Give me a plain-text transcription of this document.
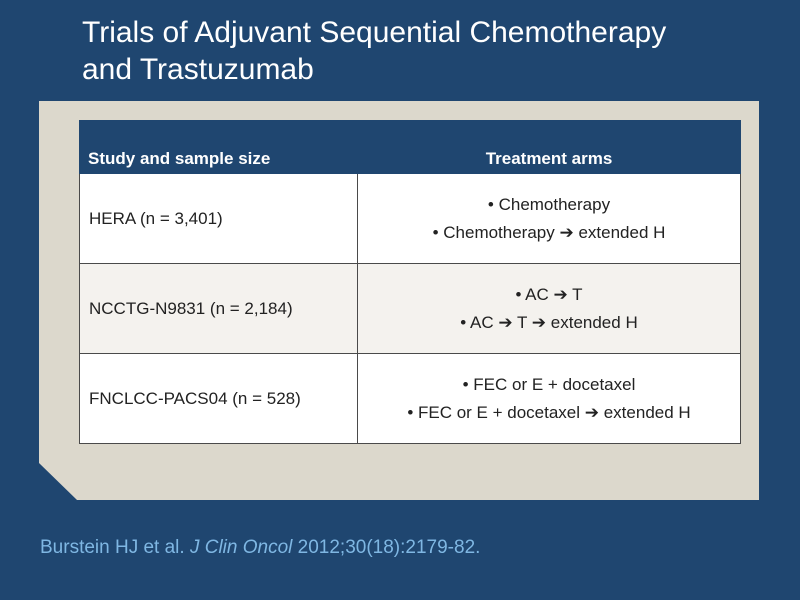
Trials of Adjuvant Sequential Chemotherapy
and Trastuzumab
Study and sample size	Treatment arms
HERA (n = 3,401)	• Chemotherapy
• Chemotherapy ➔ extended H

NCCTG-N9831 (n = 2,184)	• AC ➔ T
• AC ➔ T ➔ extended H

FNCLCC-PACS04 (n = 528)	• FEC or E + docetaxel
• FEC or E + docetaxel ➔ extended H
Burstein HJ et al. J Clin Oncol 2012;30(18):2179-82.
